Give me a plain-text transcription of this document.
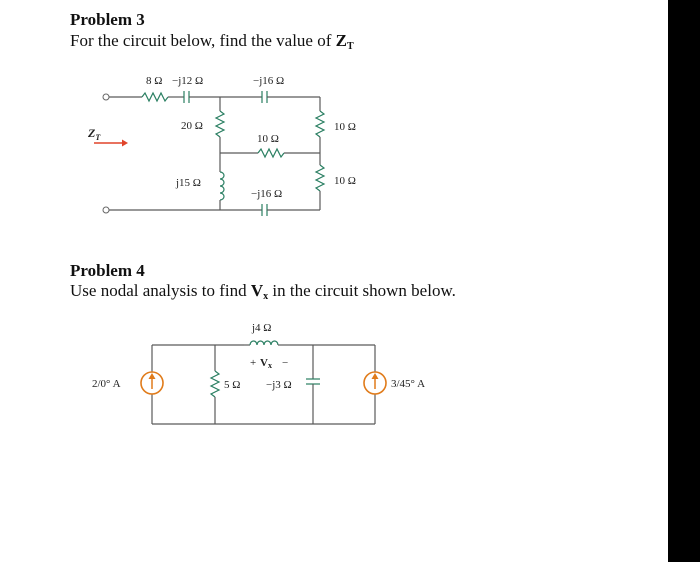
Problem 3

For the circuit below, find the value of ZT

Problem 4

Use nodal analysis to find Vx in the circuit shown below.

$Z_T$
8 Ω −j12 Ω	−j16 Ω
20 Ω
10 Ω
10 Ω
j15 Ω
−j16 Ω
10 Ω
j4 Ω
+ Vx −
5 Ω −j3 Ω
2/0° A	3/45° A
